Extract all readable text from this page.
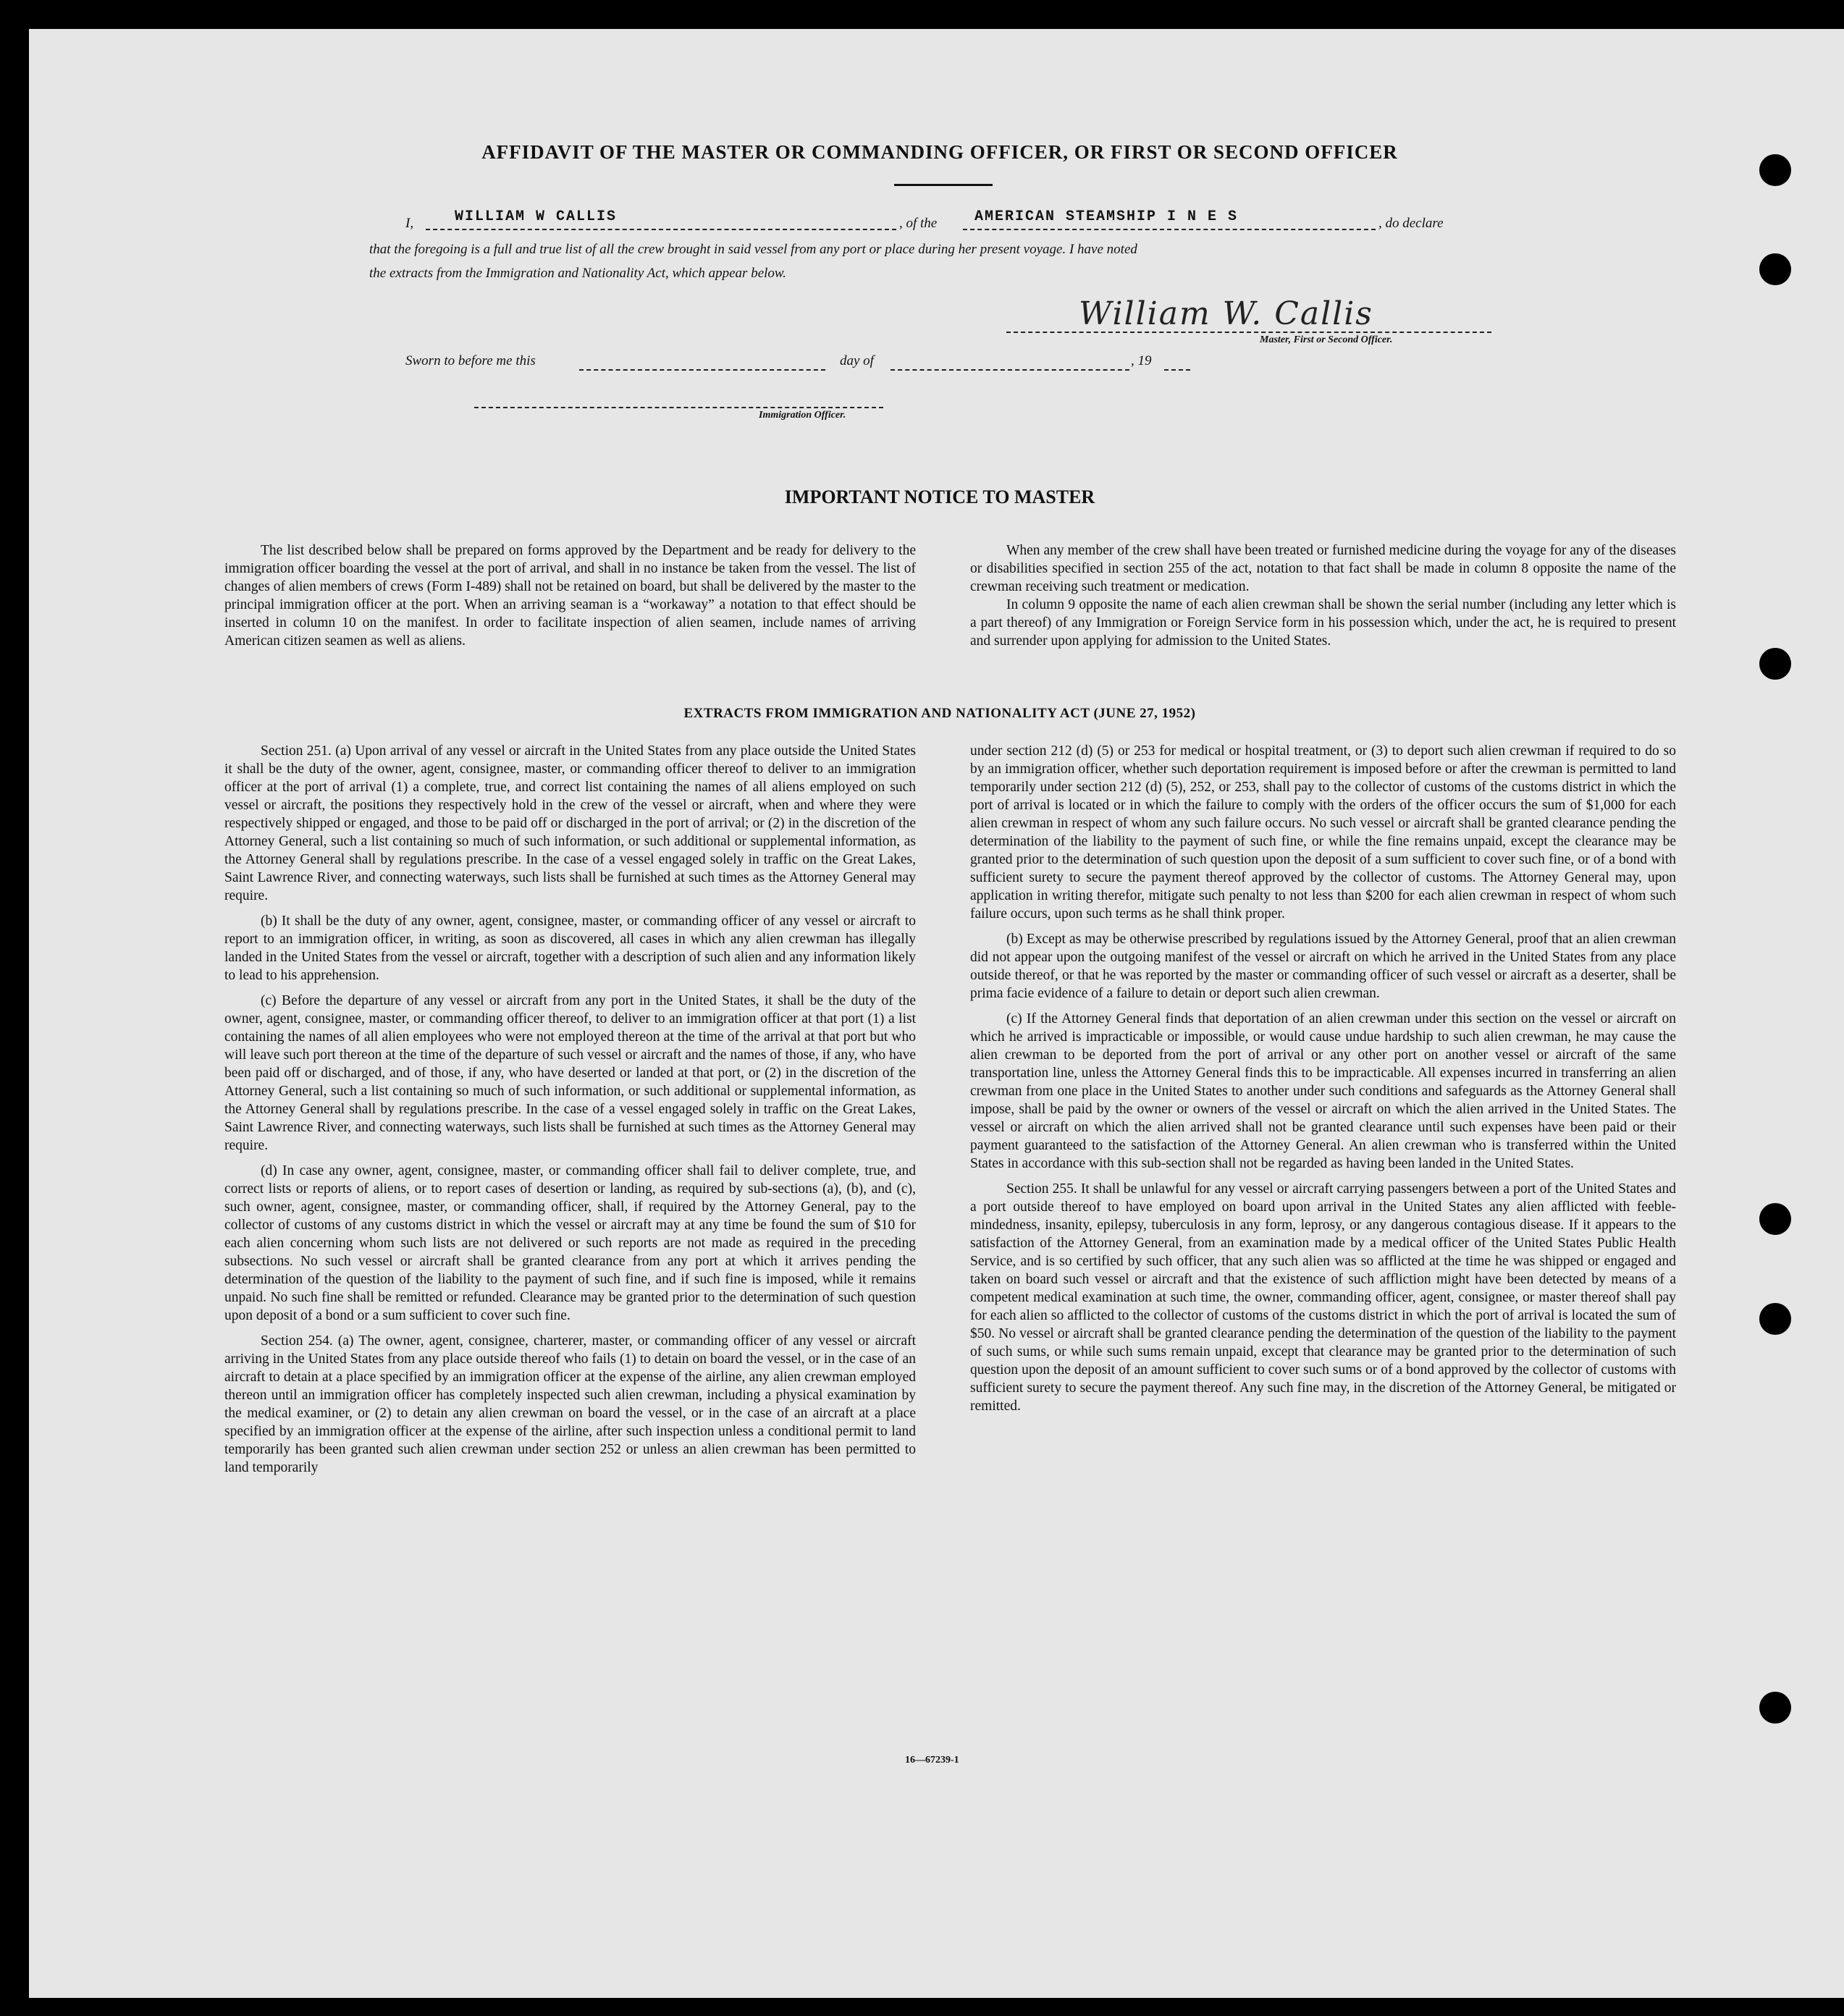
AFFIDAVIT OF THE MASTER OR COMMANDING OFFICER, OR FIRST OR SECOND OFFICER
I,	WILLIAM W CALLIS	, of the	AMERICAN STEAMSHIP I N E S	, do declare
that the foregoing is a full and true list of all the crew brought in said vessel from any port or place during her present voyage. I have noted
the extracts from the Immigration and Nationality Act, which appear below.
William W. Callis
Master, First or Second Officer.
Sworn to before me this	day of	, 19
Immigration Officer.
IMPORTANT NOTICE TO MASTER

The list described below shall be prepared on forms approved by the Department and be ready for delivery to the immigration officer boarding the vessel at the port of arrival, and shall in no instance be taken from the vessel. The list of changes of alien members of crews (Form I-489) shall not be retained on board, but shall be delivered by the master to the principal immigration officer at the port. When an arriving seaman is a “workaway” a notation to that effect should be inserted in column 10 on the manifest. In order to facilitate inspection of alien seamen, include names of arriving American citizen seamen as well as aliens.

When any member of the crew shall have been treated or furnished medicine during the voyage for any of the diseases or disabilities specified in section 255 of the act, notation to that fact shall be made in column 8 opposite the name of the crewman receiving such treatment or medication.

In column 9 opposite the name of each alien crewman shall be shown the serial number (including any letter which is a part thereof) of any Immigration or Foreign Service form in his possession which, under the act, he is required to present and surrender upon applying for admission to the United States.

EXTRACTS FROM IMMIGRATION AND NATIONALITY ACT (JUNE 27, 1952)

Section 251. (a) Upon arrival of any vessel or aircraft in the United States from any place outside the United States it shall be the duty of the owner, agent, consignee, master, or commanding officer thereof to deliver to an immigration officer at the port of arrival (1) a complete, true, and correct list containing the names of all aliens employed on such vessel or aircraft, the positions they respectively hold in the crew of the vessel or aircraft, when and where they were respectively shipped or engaged, and those to be paid off or discharged in the port of arrival; or (2) in the discretion of the Attorney General, such a list containing so much of such information, or such additional or supplemental information, as the Attorney General shall by regulations prescribe. In the case of a vessel engaged solely in traffic on the Great Lakes, Saint Lawrence River, and connecting waterways, such lists shall be furnished at such times as the Attorney General may require.

(b) It shall be the duty of any owner, agent, consignee, master, or commanding officer of any vessel or aircraft to report to an immigration officer, in writing, as soon as discovered, all cases in which any alien crewman has illegally landed in the United States from the vessel or aircraft, together with a description of such alien and any information likely to lead to his apprehension.

(c) Before the departure of any vessel or aircraft from any port in the United States, it shall be the duty of the owner, agent, consignee, master, or commanding officer thereof, to deliver to an immigration officer at that port (1) a list containing the names of all alien employees who were not employed thereon at the time of the arrival at that port but who will leave such port thereon at the time of the departure of such vessel or aircraft and the names of those, if any, who have been paid off or discharged, and of those, if any, who have deserted or landed at that port, or (2) in the discretion of the Attorney General, such a list containing so much of such information, or such additional or supplemental information, as the Attorney General shall by regulations prescribe. In the case of a vessel engaged solely in traffic on the Great Lakes, Saint Lawrence River, and connecting waterways, such lists shall be furnished at such times as the Attorney General may require.

(d) In case any owner, agent, consignee, master, or commanding officer shall fail to deliver complete, true, and correct lists or reports of aliens, or to report cases of desertion or landing, as required by sub-sections (a), (b), and (c), such owner, agent, consignee, master, or commanding officer, shall, if required by the Attorney General, pay to the collector of customs of any customs district in which the vessel or aircraft may at any time be found the sum of $10 for each alien concerning whom such lists are not delivered or such reports are not made as required in the preceding subsections. No such vessel or aircraft shall be granted clearance from any port at which it arrives pending the determination of the question of the liability to the payment of such fine, and if such fine is imposed, while it remains unpaid. No such fine shall be remitted or refunded. Clearance may be granted prior to the determination of such question upon deposit of a bond or a sum sufficient to cover such fine.

Section 254. (a) The owner, agent, consignee, charterer, master, or commanding officer of any vessel or aircraft arriving in the United States from any place outside thereof who fails (1) to detain on board the vessel, or in the case of an aircraft to detain at a place specified by an immigration officer at the expense of the airline, any alien crewman employed thereon until an immigration officer has completely inspected such alien crewman, including a physical examination by the medical examiner, or (2) to detain any alien crewman on board the vessel, or in the case of an aircraft at a place specified by an immigration officer at the expense of the airline, after such inspection unless a conditional permit to land temporarily has been granted such alien crewman under section 252 or unless an alien crewman has been permitted to land temporarily

under section 212 (d) (5) or 253 for medical or hospital treatment, or (3) to deport such alien crewman if required to do so by an immigration officer, whether such deportation requirement is imposed before or after the crewman is permitted to land temporarily under section 212 (d) (5), 252, or 253, shall pay to the collector of customs of the customs district in which the port of arrival is located or in which the failure to comply with the orders of the officer occurs the sum of $1,000 for each alien crewman in respect of whom any such failure occurs. No such vessel or aircraft shall be granted clearance pending the determination of the liability to the payment of such fine, or while the fine remains unpaid, except the clearance may be granted prior to the determination of such question upon the deposit of a sum sufficient to cover such fine, or of a bond with sufficient surety to secure the payment thereof approved by the collector of customs. The Attorney General may, upon application in writing therefor, mitigate such penalty to not less than $200 for each alien crewman in respect of whom such failure occurs, upon such terms as he shall think proper.

(b) Except as may be otherwise prescribed by regulations issued by the Attorney General, proof that an alien crewman did not appear upon the outgoing manifest of the vessel or aircraft on which he arrived in the United States from any place outside thereof, or that he was reported by the master or commanding officer of such vessel or aircraft as a deserter, shall be prima facie evidence of a failure to detain or deport such alien crewman.

(c) If the Attorney General finds that deportation of an alien crewman under this section on the vessel or aircraft on which he arrived is impracticable or impossible, or would cause undue hardship to such alien crewman, he may cause the alien crewman to be deported from the port of arrival or any other port on another vessel or aircraft of the same transportation line, unless the Attorney General finds this to be impracticable. All expenses incurred in transferring an alien crewman from one place in the United States to another under such conditions and safeguards as the Attorney General shall impose, shall be paid by the owner or owners of the vessel or aircraft on which the alien arrived in the United States. The vessel or aircraft on which the alien arrived shall not be granted clearance until such expenses have been paid or their payment guaranteed to the satisfaction of the Attorney General. An alien crewman who is transferred within the United States in accordance with this sub-section shall not be regarded as having been landed in the United States.

Section 255. It shall be unlawful for any vessel or aircraft carrying passengers between a port of the United States and a port outside thereof to have employed on board upon arrival in the United States any alien afflicted with feeble-mindedness, insanity, epilepsy, tuberculosis in any form, leprosy, or any dangerous contagious disease. If it appears to the satisfaction of the Attorney General, from an examination made by a medical officer of the United States Public Health Service, and is so certified by such officer, that any such alien was so afflicted at the time he was shipped or engaged and taken on board such vessel or aircraft and that the existence of such affliction might have been detected by means of a competent medical examination at such time, the owner, commanding officer, agent, consignee, or master thereof shall pay for each alien so afflicted to the collector of customs of the customs district in which the port of arrival is located the sum of $50. No vessel or aircraft shall be granted clearance pending the determination of the question of the liability to the payment of such sums, or while such sums remain unpaid, except that clearance may be granted prior to the determination of such question upon the deposit of an amount sufficient to cover such sums or of a bond approved by the collector of customs with sufficient surety to secure the payment thereof. Any such fine may, in the discretion of the Attorney General, be mitigated or remitted.

16—67239-1
